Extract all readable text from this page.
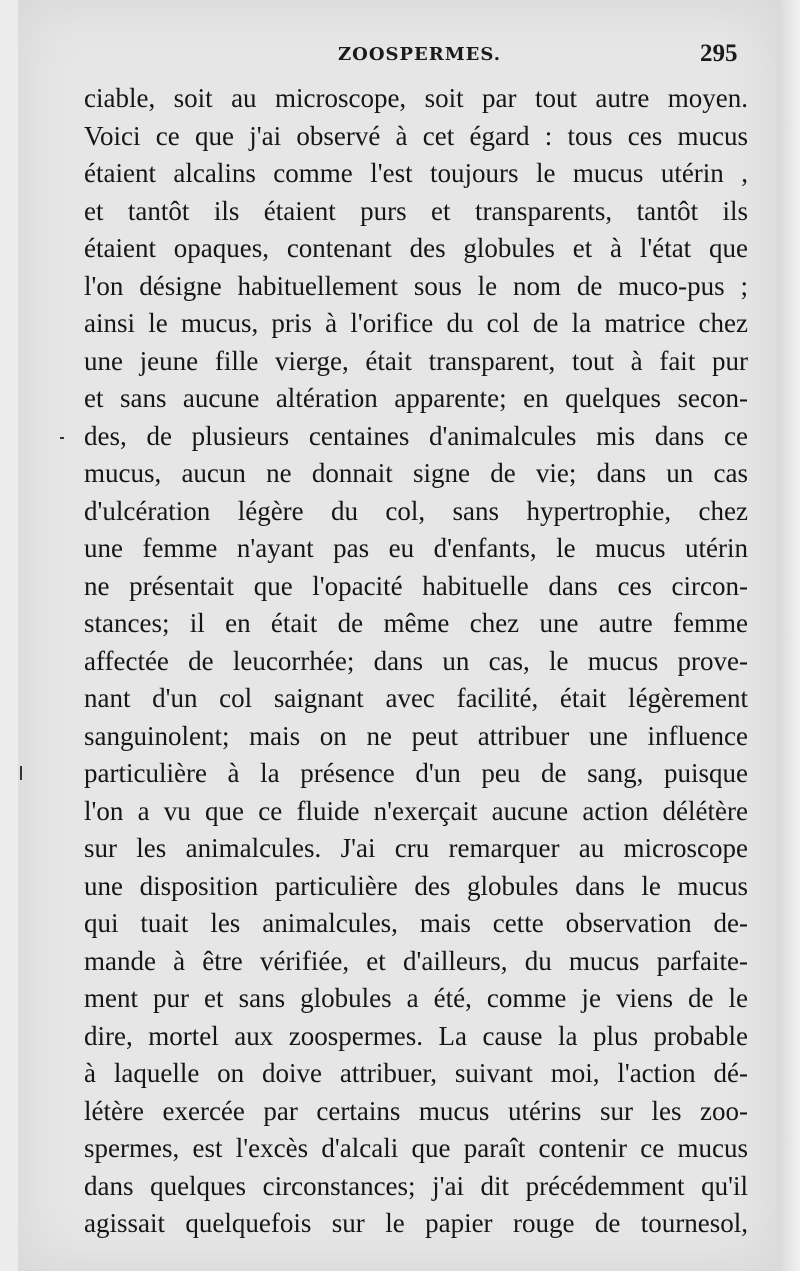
ZOOSPERMES.	295
ciable, soit au microscope, soit par tout autre moyen.
Voici ce que j'ai observé à cet égard : tous ces mucus
étaient alcalins comme l'est toujours le mucus utérin ,
et tantôt ils étaient purs et transparents, tantôt ils
étaient opaques, contenant des globules et à l'état que
l'on désigne habituellement sous le nom de muco-pus ;
ainsi le mucus, pris à l'orifice du col de la matrice chez
une jeune fille vierge, était transparent, tout à fait pur
et sans aucune altération apparente; en quelques secon-
des, de plusieurs centaines d'animalcules mis dans ce
mucus, aucun ne donnait signe de vie; dans un cas
d'ulcération légère du col, sans hypertrophie, chez
une femme n'ayant pas eu d'enfants, le mucus utérin
ne présentait que l'opacité habituelle dans ces circon-
stances; il en était de même chez une autre femme
affectée de leucorrhée; dans un cas, le mucus prove-
nant d'un col saignant avec facilité, était légèrement
sanguinolent; mais on ne peut attribuer une influence
particulière à la présence d'un peu de sang, puisque
l'on a vu que ce fluide n'exerçait aucune action délétère
sur les animalcules. J'ai cru remarquer au microscope
une disposition particulière des globules dans le mucus
qui tuait les animalcules, mais cette observation de-
mande à être vérifiée, et d'ailleurs, du mucus parfaite-
ment pur et sans globules a été, comme je viens de le
dire, mortel aux zoospermes. La cause la plus probable
à laquelle on doive attribuer, suivant moi, l'action dé-
létère exercée par certains mucus utérins sur les zoo-
spermes, est l'excès d'alcali que paraît contenir ce mucus
dans quelques circonstances; j'ai dit précédemment qu'il
agissait quelquefois sur le papier rouge de tournesol,
